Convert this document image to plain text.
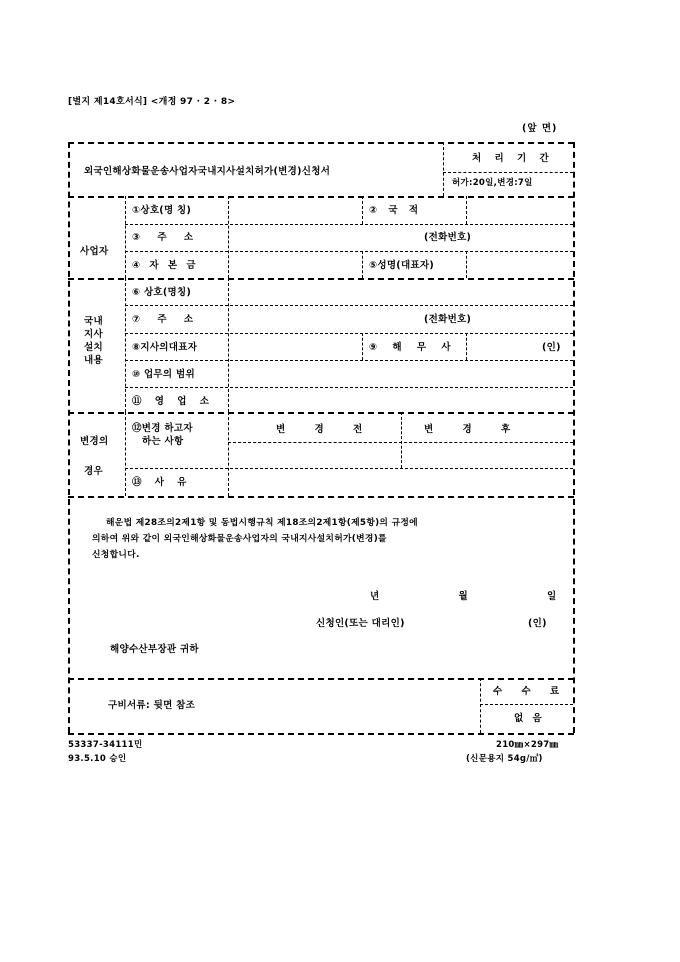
[별지 제14호서식] <개정 97 · 2 · 8>
(앞 면)
외국인해상화물운송사업자국내지사설치허가(변경)신청서
처 리 기 간
허가:20일,변경:7일
사업자
①상호(명 칭)	② 국 적
③ 주 소	(전화번호)
④ 자 본 금	⑤성명(대표자)
국내
지사
설치
내용
⑥ 상호(명칭)
⑦ 주 소	(전화번호)
⑧지사의대표자	⑨ 해 무 사	(인)
⑩ 업무의 범위
⑪ 영 업 소
변경의
경우
⑫변경 하고자
하는 사항
변 경 전	변 경 후
⑬ 사 유
해운법 제28조의2제1항 및 동법시행규칙 제18조의2제1항(제5항)의 규정에
의하여 위와 같이 외국인해상화물운송사업자의 국내지사설치허가(변경)를
신청합니다.
년 월 일
신청인(또는 대리인)	(인)
해양수산부장관 귀하
구비서류: 뒷면 참조
수 수 료
없 음
53337-34111민
93.5.10 승인
210㎜×297㎜
(신문용지 54g/㎡)
